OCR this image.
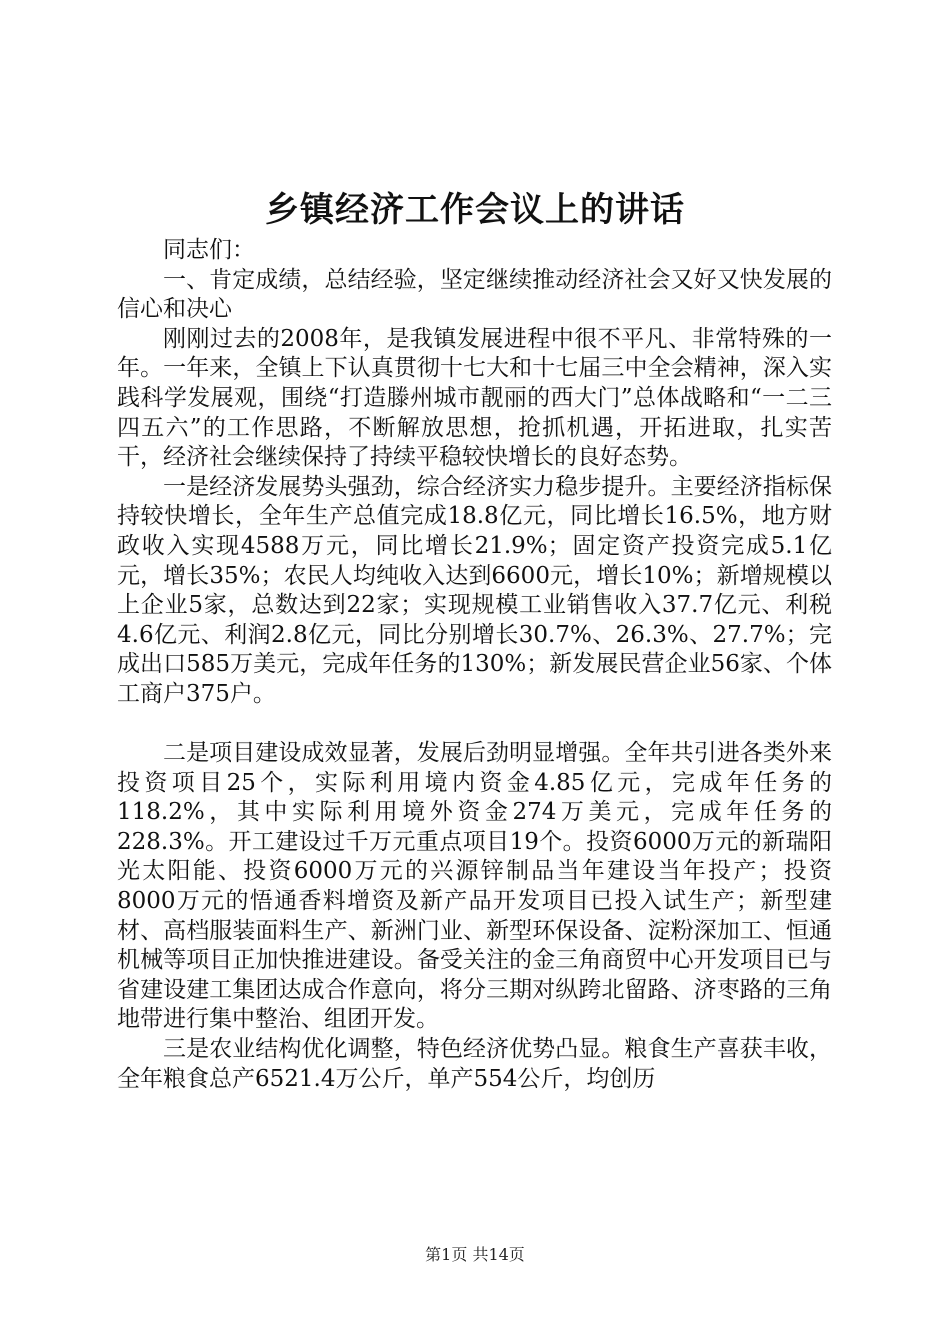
乡镇经济工作会议上的讲话

同志们：

一、肯定成绩，总结经验，坚定继续推动经济社会又好又快发展的信心和决心

刚刚过去的2008年，是我镇发展进程中很不平凡、非常特殊的一年。一年来，全镇上下认真贯彻十七大和十七届三中全会精神，深入实践科学发展观，围绕“打造滕州城市靓丽的西大门”总体战略和“一二三四五六”的工作思路，不断解放思想，抢抓机遇，开拓进取，扎实苦干，经济社会继续保持了持续平稳较快增长的良好态势。

一是经济发展势头强劲，综合经济实力稳步提升。主要经济指标保持较快增长，全年生产总值完成18.8亿元，同比增长16.5%，地方财政收入实现4588万元，同比增长21.9%；固定资产投资完成5.1亿元，增长35%；农民人均纯收入达到6600元，增长10%；新增规模以上企业5家，总数达到22家；实现规模工业销售收入37.7亿元、利税4.6亿元、利润2.8亿元，同比分别增长30.7%、26.3%、27.7%；完成出口585万美元，完成年任务的130%；新发展民营企业56家、个体工商户375户。

二是项目建设成效显著，发展后劲明显增强。全年共引进各类外来投资项目25个，实际利用境内资金4.85亿元，完成年任务的118.2%，其中实际利用境外资金274万美元，完成年任务的228.3%。开工建设过千万元重点项目19个。投资6000万元的新瑞阳光太阳能、投资6000万元的兴源锌制品当年建设当年投产；投资8000万元的悟通香料增资及新产品开发项目已投入试生产；新型建材、高档服装面料生产、新洲门业、新型环保设备、淀粉深加工、恒通机械等项目正加快推进建设。备受关注的金三角商贸中心开发项目已与省建设建工集团达成合作意向，将分三期对纵跨北留路、济枣路的三角地带进行集中整治、组团开发。

三是农业结构优化调整，特色经济优势凸显。粮食生产喜获丰收，全年粮食总产6521.4万公斤，单产554公斤，均创历

第1页 共14页
